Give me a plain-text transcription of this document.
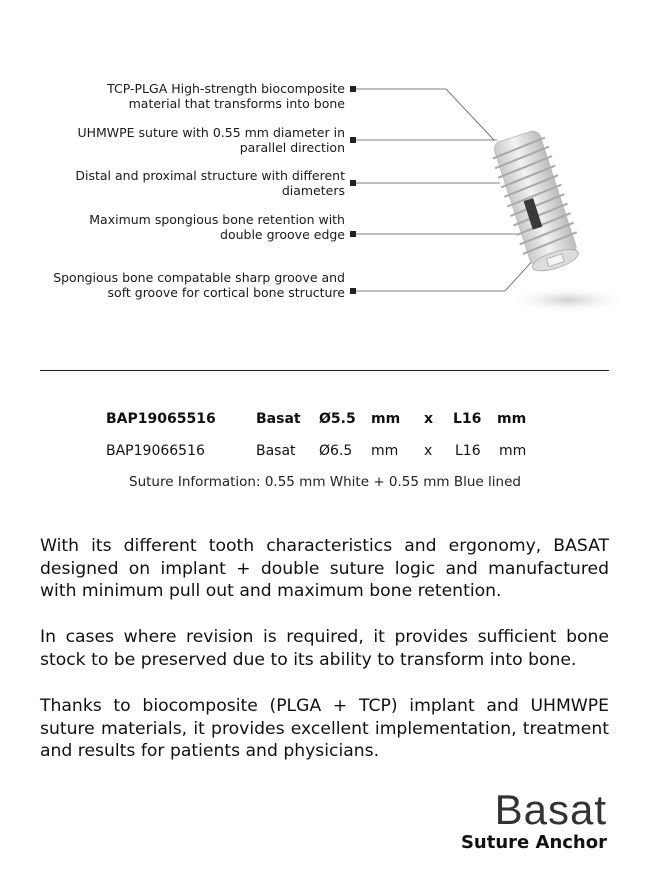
TCP-PLGA High-strength biocomposite
material that transforms into bone
UHMWPE suture with 0.55 mm diameter in
parallel direction
Distal and proximal structure with different
diameters
Maximum spongious bone retention with
double groove edge
Spongious bone compatable sharp groove and
soft groove for cortical bone structure
BAP19065516	Basat Ø5.5 mm x L16 mm
BAP19066516	Basat Ø6.5 mm x L16 mm
Suture Information: 0.55 mm White + 0.55 mm Blue lined
With its different tooth characteristics and ergonomy, BASAT designed on implant + double suture logic and manufactured with minimum pull out and maximum bone retention.
In cases where revision is required, it provides sufficient bone stock to be preserved due to its ability to transform into bone.
Thanks to biocomposite (PLGA + TCP) implant and UHMWPE suture materials, it provides excellent implementation, treatment and results for patients and physicians.
Basat
Suture Anchor
